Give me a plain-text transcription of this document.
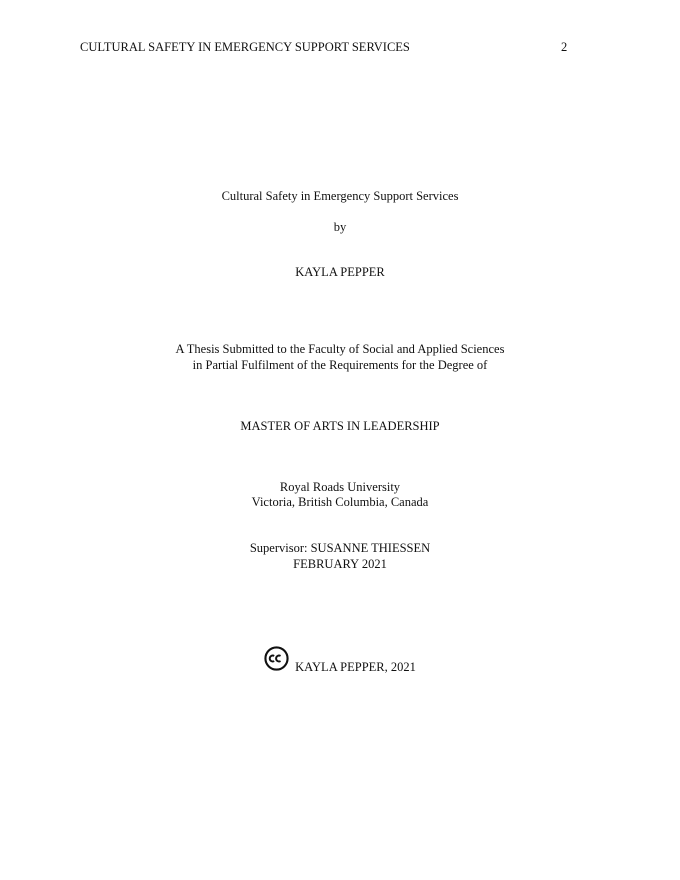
CULTURAL SAFETY IN EMERGENCY SUPPORT SERVICES	2
Cultural Safety in Emergency Support Services
by
KAYLA PEPPER
A Thesis Submitted to the Faculty of Social and Applied Sciences
in Partial Fulfilment of the Requirements for the Degree of
MASTER OF ARTS IN LEADERSHIP
Royal Roads University
Victoria, British Columbia, Canada
Supervisor: SUSANNE THIESSEN
FEBRUARY 2021
KAYLA PEPPER, 2021
